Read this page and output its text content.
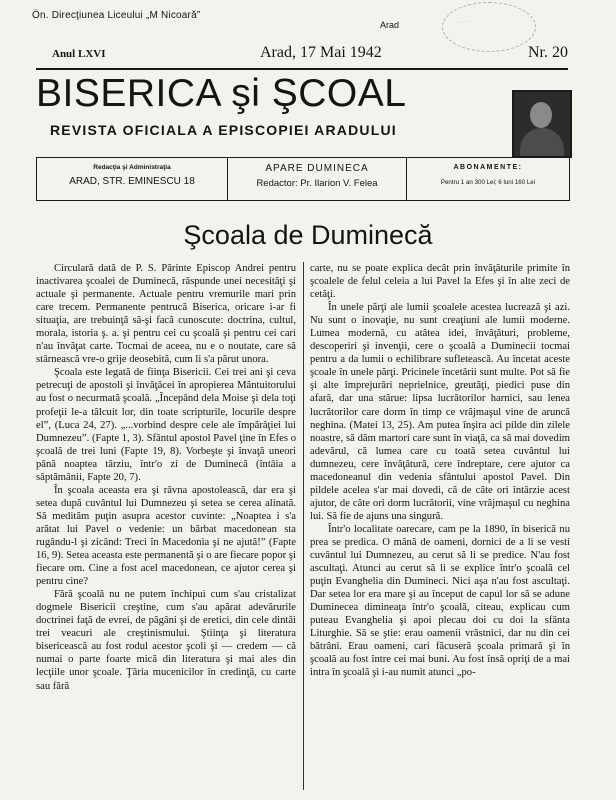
Ön. Direcţiunea Liceului „M Nicoară”
Arad	· · ·
Anul LXVI	Arad, 17 Mai 1942	Nr. 20
BISERICA şi ŞCOAL
REVISTA OFICIALA A EPISCOPIEI ARADULUI
Redacţia şi Administraţia
ARAD, STR. EMINESCU 18
APARE DUMINECA
Redactor: Pr. Ilarion V. Felea
ABONAMENTE:
Pentru 1 an 300 Lei; 6 luni 160 Lei
Şcoala de Duminecă

Circulară dată de P. S. Părinte Episcop Andrei pentru inactivarea şcoalei de Duminecă, răspunde unei necesităţi şi actuale şi permanente. Actuale pentru vremurile mari prin care trecem. Permanente pentrucă Biserica, oricare i-ar fi situaţia, are trebuinţă să-şi facă cunoscute: doctrina, cultul, morala, istoria ş. a. şi pentru cei cu şcoală şi pentru cei cari n'au învăţat carte. Tocmai de aceea, nu e o noutate, care să stârnească vre-o grije deosebită, cum li s'a părut unora.

Şcoala este legată de fiinţa Bisericii. Cei trei ani şi ceva petrecuţi de apostoli şi învăţăcei în apropierea Mântuitorului au fost o necurmată şcoală. „Începând dela Moise şi dela toţi profeţii le-a tâlcuit lor, din toate scripturile, locurile despre el”, (Luca 24, 27). „...vorbind despre cele ale împărăţiei lui Dumnezeu”. (Fapte 1, 3). Sfântul apostol Pavel ţine în Efes o şcoală de trei luni (Fapte 19, 8). Vorbeşte şi învaţă uneori până noaptea târziu, într'o zi de Duminecă (întâia a săptămânii, Fapte 20, 7).

În şcoala aceasta era şi râvna apostolească, dar era şi setea după cuvântul lui Dumnezeu şi setea se cerea alinată. Să medităm puţin asupra acestor cuvinte: „Noaptea i s'a arătat lui Pavel o vedenie: un bărbat macedonean sta rugându-l şi zicând: Treci în Macedonia şi ne ajută!” (Fapte 16, 9). Setea aceasta este permanentă şi o are fiecare popor şi fiecare om. Cine a fost acel macedonean, ce ajutor cerea şi pentru cine?

Fără şcoală nu ne putem închipui cum s'au cristalizat dogmele Bisericii creştine, cum s'au apărat adevărurile doctrinei faţă de evrei, de păgâni şi de eretici, din cele dintâi trei veacuri ale creştinismului. Ştiinţa şi literatura bisericească au fost rodul acestor şcoli şi — credem — că numai o parte foarte mică din literatura şi mai ales din lecţiile unor şcoale. Ţăria mucenicilor în credinţă, cu carte sau fără

carte, nu se poate explica decât prin învăţăturile primite în şcoalele de felul celeia a lui Pavel la Efes şi în alte zeci de cetăţi.

În unele părţi ale lumii şcoalele acestea lucrează şi azi. Nu sunt o inovaţie, nu sunt creaţiuni ale lumii moderne. Lumea modernă, cu atâtea idei, învăţături, probleme, descoperiri şi invenţii, cere o şcoală a Duminecii tocmai pentru a da lumii o echilibrare sufletească. Au încetat aceste şcoale în unele părţi. Pricinele încetării sunt multe. Pot să fie şi alte împrejurări neprielnice, greutăţi, piedici puse din afară, dar una stărue: lipsa lucrătorilor harnici, sau lenea lucrătorilor care dorm în timp ce vrăjmaşul vine de aruncă neghina. (Matei 13, 25). Am putea înşira aci pilde din zilele noastre, să dăm martori care sunt în viaţă, ca să mai dovedim adevărul, că lumea care cu toată setea cuvântul lui dumnezeu, cere învăţătură, cere îndreptare, cere ajutor ca macedoneanul din vedenia sfântului apostol Pavel. Din pildele acelea s'ar mai dovedi, că de câte ori întârzie acest ajutor, de câte ori dorm lucrătorii, vine vrăjmaşul cu neghina lui. Să fie de ajuns una singură.

Într'o localitate oarecare, cam pe la 1890, în biserică nu prea se predica. O mână de oameni, dornici de a li se vesti cuvântul lui Dumnezeu, au cerut să li se predice. N'au fost ascultaţi. Atunci au cerut să li se explice într'o şcoală cel puţin Evanghelia din Dumineci. Nici aşa n'au fost ascultaţi. Dar setea lor era mare şi au început de capul lor să se adune Duminecea dimineaţa într'o şcoală, citeau, explicau cum puteau Evanghelia şi apoi plecau doi cu doi la sfânta Liturghie. Să se ştie: erau oamenii vrăstnici, dar nu din cei bătrâni. Erau oameni, cari făcuseră şcoala primară şi în şcoală au fost între cei mai buni. Au fost însă opriţi de a mai intra în şcoală şi i-au numit atunci „po-
